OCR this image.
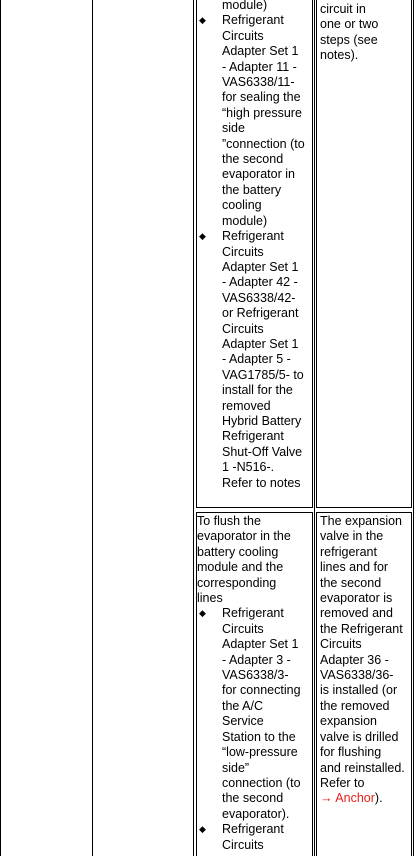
module)
◆ Refrigerant
Circuits
Adapter Set 1
- Adapter 11 -
VAS6338/11-
for sealing the
“high pressure
side
”connection (to
the second
evaporator in
the battery
cooling
module)
◆ Refrigerant
Circuits
Adapter Set 1
- Adapter 42 -
VAS6338/42-
or Refrigerant
Circuits
Adapter Set 1
- Adapter 5 -
VAG1785/5- to
install for the
removed
Hybrid Battery
Refrigerant
Shut-Off Valve
1 -N516-.
Refer to notes
circuit in
one or two
steps (see
notes).
To flush the
evaporator in the
battery cooling
module and the
corresponding
lines
◆ Refrigerant
Circuits
Adapter Set 1
- Adapter 3 -
VAS6338/3-
for connecting
the A/C
Service
Station to the
“low-pressure
side”
connection (to
the second
evaporator).
◆ Refrigerant
Circuits
The expansion
valve in the
refrigerant
lines and for
the second
evaporator is
removed and
the Refrigerant
Circuits
Adapter 36 -
VAS6338/36-
is installed (or
the removed
expansion
valve is drilled
for flushing
and reinstalled.
Refer to
→ Anchor).
